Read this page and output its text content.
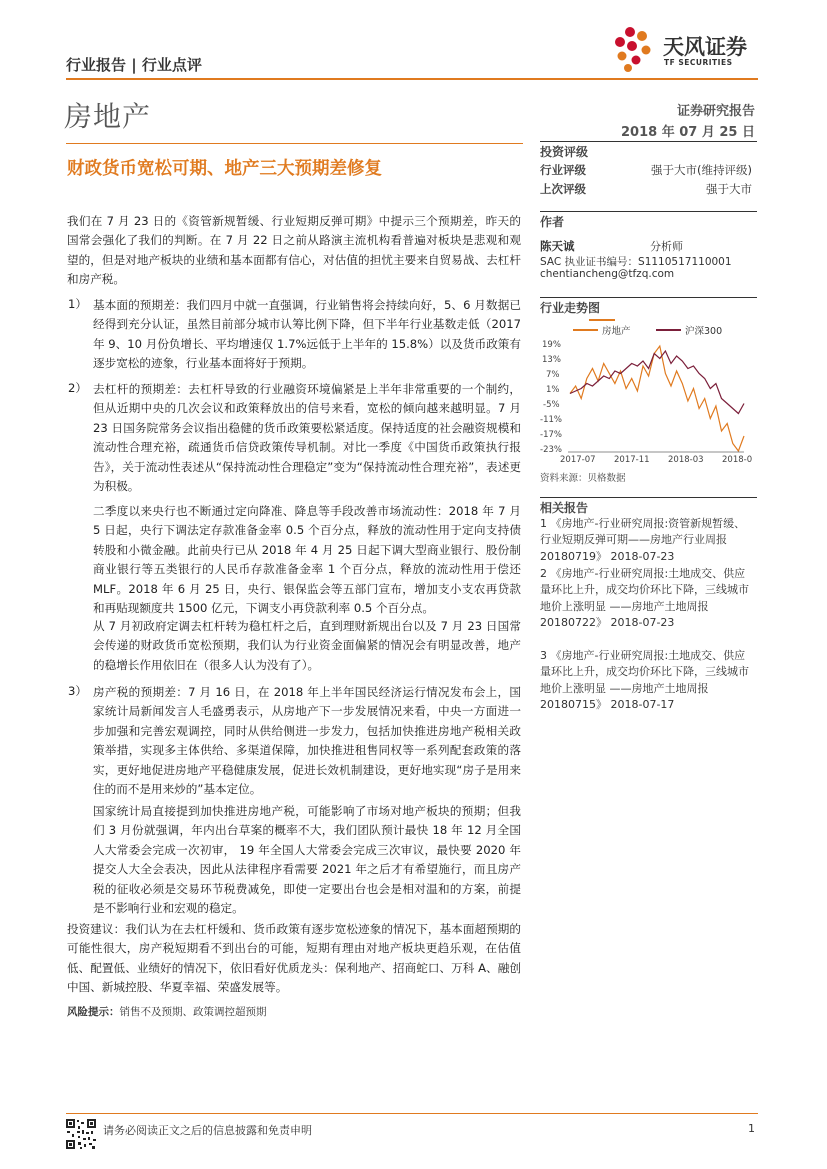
行业报告 | 行业点评
天风证券
TF SECURITIES
房地产	证券研究报告
2018 年 07 月 25 日
财政货币宽松可期、地产三大预期差修复
投资评级
行业评级	强于大市(维持评级)
上次评级	强于大市
作者
陈天诚	分析师
SAC 执业证书编号：S1110517110001
chentiancheng@tfzq.com
行业走势图
房地产	沪深300
19%
13%
7%
1%
-5%
-11%
-17%
-23%
2017-07 2017-11 2018-03 2018-0
资料来源：贝格数据
相关报告
1 《房地产-行业研究周报:资管新规暂缓、行业短期反弹可期——房地产行业周报 20180719》 2018-07-23
2 《房地产-行业研究周报:土地成交、供应量环比上升，成交均价环比下降，三线城市地价上涨明显 ——房地产土地周报 20180722》 2018-07-23
3 《房地产-行业研究周报:土地成交、供应量环比上升，成交均价环比下降，三线城市地价上涨明显 ——房地产土地周报 20180715》 2018-07-17
我们在 7 月 23 日的《资管新规暂缓、行业短期反弹可期》中提示三个预期差，昨天的国常会强化了我们的判断。在 7 月 22 日之前从路演主流机构看普遍对板块是悲观和观望的，但是对地产板块的业绩和基本面都有信心，对估值的担忧主要来自贸易战、去杠杆和房产税。
1） 基本面的预期差：我们四月中就一直强调，行业销售将会持续向好，5、6 月数据已经得到充分认证，虽然目前部分城市认筹比例下降，但下半年行业基数走低（2017 年 9、10 月份负增长、平均增速仅 1.7%远低于上半年的 15.8%）以及货币政策有逐步宽松的迹象，行业基本面将好于预期。
2） 去杠杆的预期差：去杠杆导致的行业融资环境偏紧是上半年非常重要的一个制约，但从近期中央的几次会议和政策释放出的信号来看，宽松的倾向越来越明显。7 月 23 日国务院常务会议指出稳健的货币政策要松紧适度。保持适度的社会融资规模和流动性合理充裕，疏通货币信贷政策传导机制。对比一季度《中国货币政策执行报告》，关于流动性表述从“保持流动性合理稳定”变为“保持流动性合理充裕”，表述更为积极。
二季度以来央行也不断通过定向降准、降息等手段改善市场流动性：2018 年 7 月 5 日起，央行下调法定存款准备金率 0.5 个百分点，释放的流动性用于定向支持债转股和小微金融。此前央行已从 2018 年 4 月 25 日起下调大型商业银行、股份制商业银行等五类银行的人民币存款准备金率 1 个百分点，释放的流动性用于偿还 MLF。2018 年 6 月 25 日，央行、银保监会等五部门宣布，增加支小支农再贷款和再贴现额度共 1500 亿元，下调支小再贷款利率 0.5 个百分点。
从 7 月初政府定调去杠杆转为稳杠杆之后，直到理财新规出台以及 7 月 23 日国常会传递的财政货币宽松预期，我们认为行业资金面偏紧的情况会有明显改善，地产的稳增长作用依旧在（很多人认为没有了）。
3） 房产税的预期差：7 月 16 日，在 2018 年上半年国民经济运行情况发布会上，国家统计局新闻发言人毛盛勇表示，从房地产下一步发展情况来看，中央一方面进一步加强和完善宏观调控，同时从供给侧进一步发力，包括加快推进房地产税相关政策举措，实现多主体供给、多渠道保障，加快推进租售同权等一系列配套政策的落实，更好地促进房地产平稳健康发展，促进长效机制建设，更好地实现“房子是用来住的而不是用来炒的”基本定位。
国家统计局直接提到加快推进房地产税，可能影响了市场对地产板块的预期；但我们 3 月份就强调，年内出台草案的概率不大，我们团队预计最快 18 年 12 月全国人大常委会完成一次初审， 19 年全国人大常委会完成三次审议，最快要 2020 年提交人大全会表决，因此从法律程序看需要 2021 年之后才有希望施行，而且房产税的征收必须是交易环节税费减免，即使一定要出台也会是相对温和的方案，前提是不影响行业和宏观的稳定。
投资建议：我们认为在去杠杆缓和、货币政策有逐步宽松迹象的情况下，基本面超预期的可能性很大，房产税短期看不到出台的可能，短期有理由对地产板块更趋乐观，在估值低、配置低、业绩好的情况下，依旧看好优质龙头：保利地产、招商蛇口、万科 A、融创中国、新城控股、华夏幸福、荣盛发展等。
风险提示：销售不及预期、政策调控超预期
请务必阅读正文之后的信息披露和免责申明	1
